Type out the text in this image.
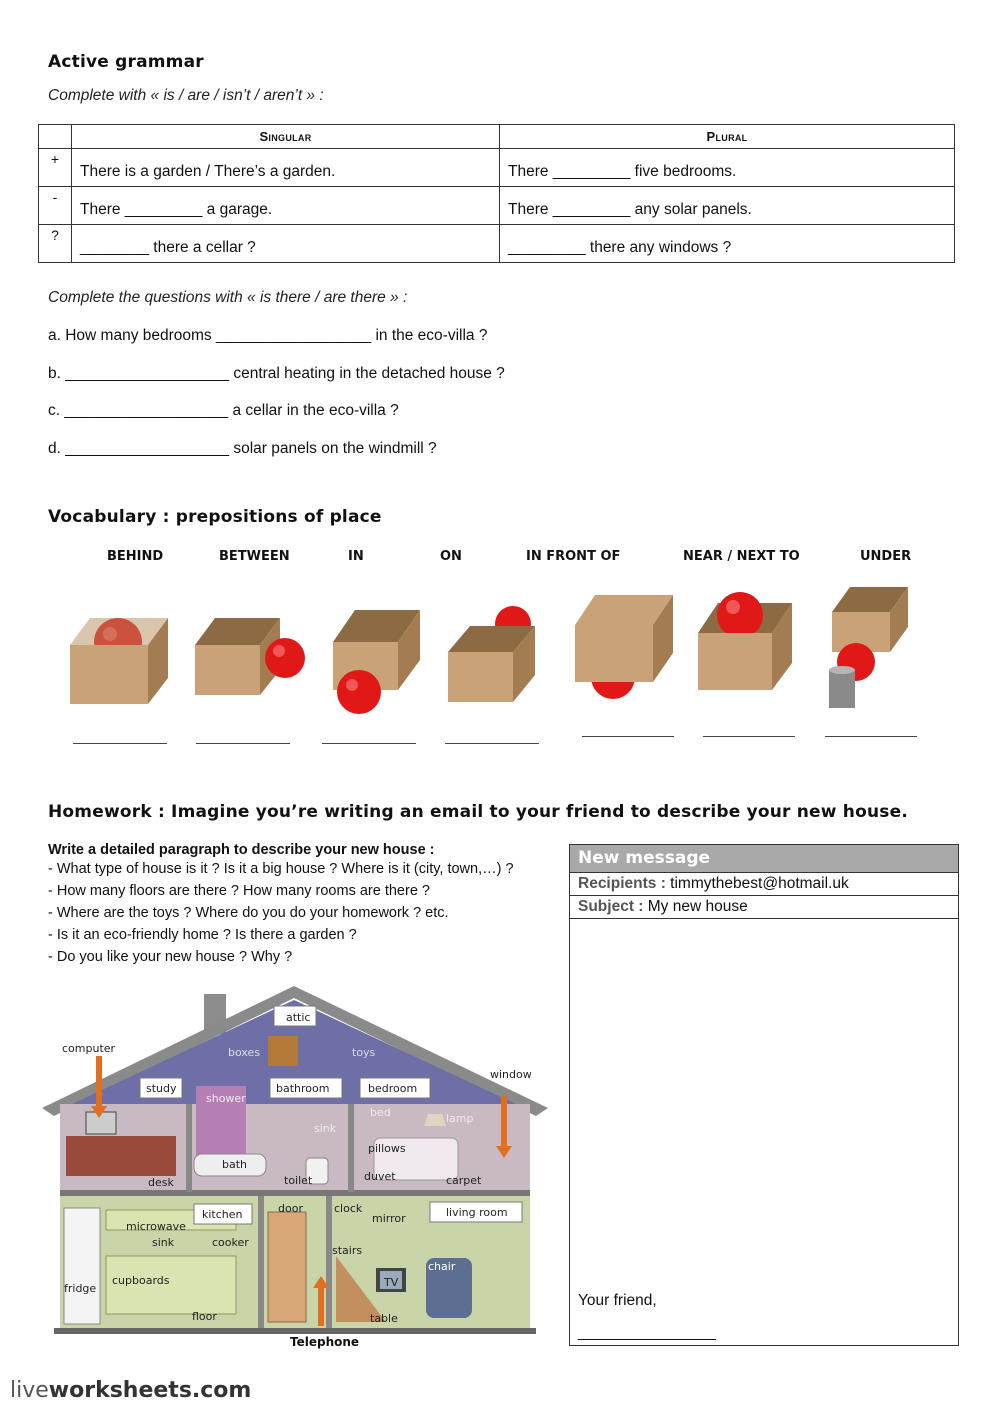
Active grammar
Complete with « is / are / isn’t / aren’t » :
	Singular	Plural
+	There is a garden / There’s a garden.	There _________ five bedrooms.
-	There _________ a garage.	There _________ any solar panels.
?	________ there a cellar ?	_________ there any windows ?
Complete the questions with « is there / are there » :
a. How many bedrooms __________________ in the eco-villa ?
b. ___________________ central heating in the detached house ?
c. ___________________ a cellar in the eco-villa ?
d. ___________________ solar panels on the windmill ?
Vocabulary : prepositions of place
BEHIND	BETWEEN	IN	ON	IN FRONT OF	NEAR / NEXT TO	UNDER
Homework : Imagine you’re writing an email to your friend to describe your new house.
Write a detailed paragraph to describe your new house :
- What type of house is it ? Is it a big house ? Where is it (city, town,…) ?
- How many floors are there ? How many rooms are there ?
- Where are the toys ? Where do you do your homework ? etc.
- Is it an eco-friendly home ? Is there a garden ?
- Do you like your new house ? Why ?
New message
Recipients : timmythebest@hotmail.uk
Subject : My new house
Your friend,
________________
attic
boxes	toys
computer
window
study
shower
bathroom	bedroom
bed	lamp
sink
pillows
bath
toilet	duvet	carpet
desk
kitchen	door	clock
mirror	living room
microwave
sink	cooker
stairs
chair
TV
cupboards
fridge
floor	table
Telephone
liveworksheets.com
